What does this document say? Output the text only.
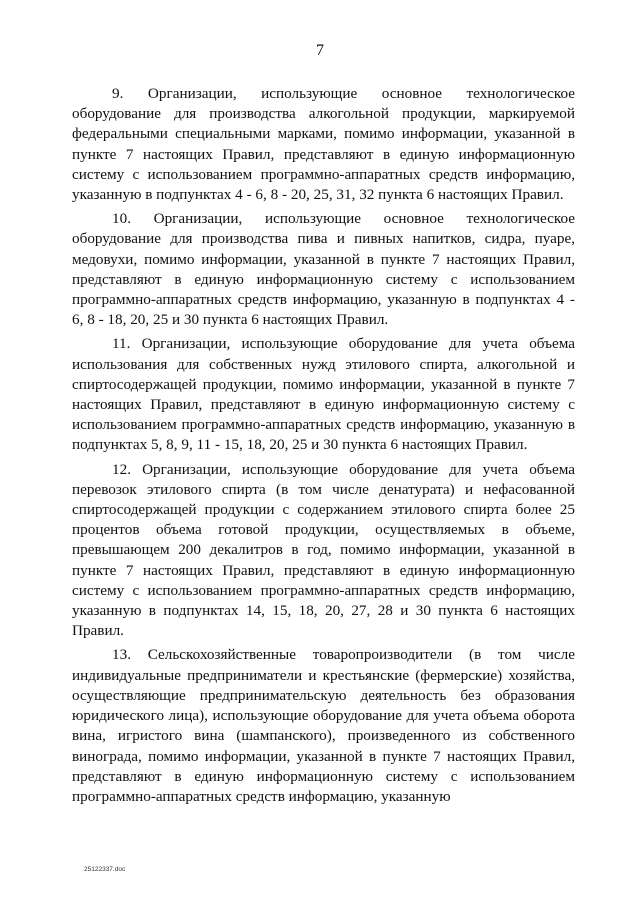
7

9. Организации, использующие основное технологическое оборудование для производства алкогольной продукции, маркируемой федеральными специальными марками, помимо информации, указанной в пункте 7 настоящих Правил, представляют в единую информационную систему с использованием программно-аппаратных средств информацию, указанную в подпунктах 4 - 6, 8 - 20, 25, 31, 32 пункта 6 настоящих Правил.

10. Организации, использующие основное технологическое оборудование для производства пива и пивных напитков, сидра, пуаре, медовухи, помимо информации, указанной в пункте 7 настоящих Правил, представляют в единую информационную систему с использованием программно-аппаратных средств информацию, указанную в подпунктах 4 - 6, 8 - 18, 20, 25 и 30 пункта 6 настоящих Правил.

11. Организации, использующие оборудование для учета объема использования для собственных нужд этилового спирта, алкогольной и спиртосодержащей продукции, помимо информации, указанной в пункте 7 настоящих Правил, представляют в единую информационную систему с использованием программно-аппаратных средств информацию, указанную в подпунктах 5, 8, 9, 11 - 15, 18, 20, 25 и 30 пункта 6 настоящих Правил.

12. Организации, использующие оборудование для учета объема перевозок этилового спирта (в том числе денатурата) и нефасованной спиртосодержащей продукции с содержанием этилового спирта более 25 процентов объема готовой продукции, осуществляемых в объеме, превышающем 200 декалитров в год, помимо информации, указанной в пункте 7 настоящих Правил, представляют в единую информационную систему с использованием программно-аппаратных средств информацию, указанную в подпунктах 14, 15, 18, 20, 27, 28 и 30 пункта 6 настоящих Правил.

13. Сельскохозяйственные товаропроизводители (в том числе индивидуальные предприниматели и крестьянские (фермерские) хозяйства, осуществляющие предпринимательскую деятельность без образования юридического лица), использующие оборудование для учета объема оборота вина, игристого вина (шампанского), произведенного из собственного винограда, помимо информации, указанной в пункте 7 настоящих Правил, представляют в единую информационную систему с использованием программно-аппаратных средств информацию, указанную

25122337.doc
